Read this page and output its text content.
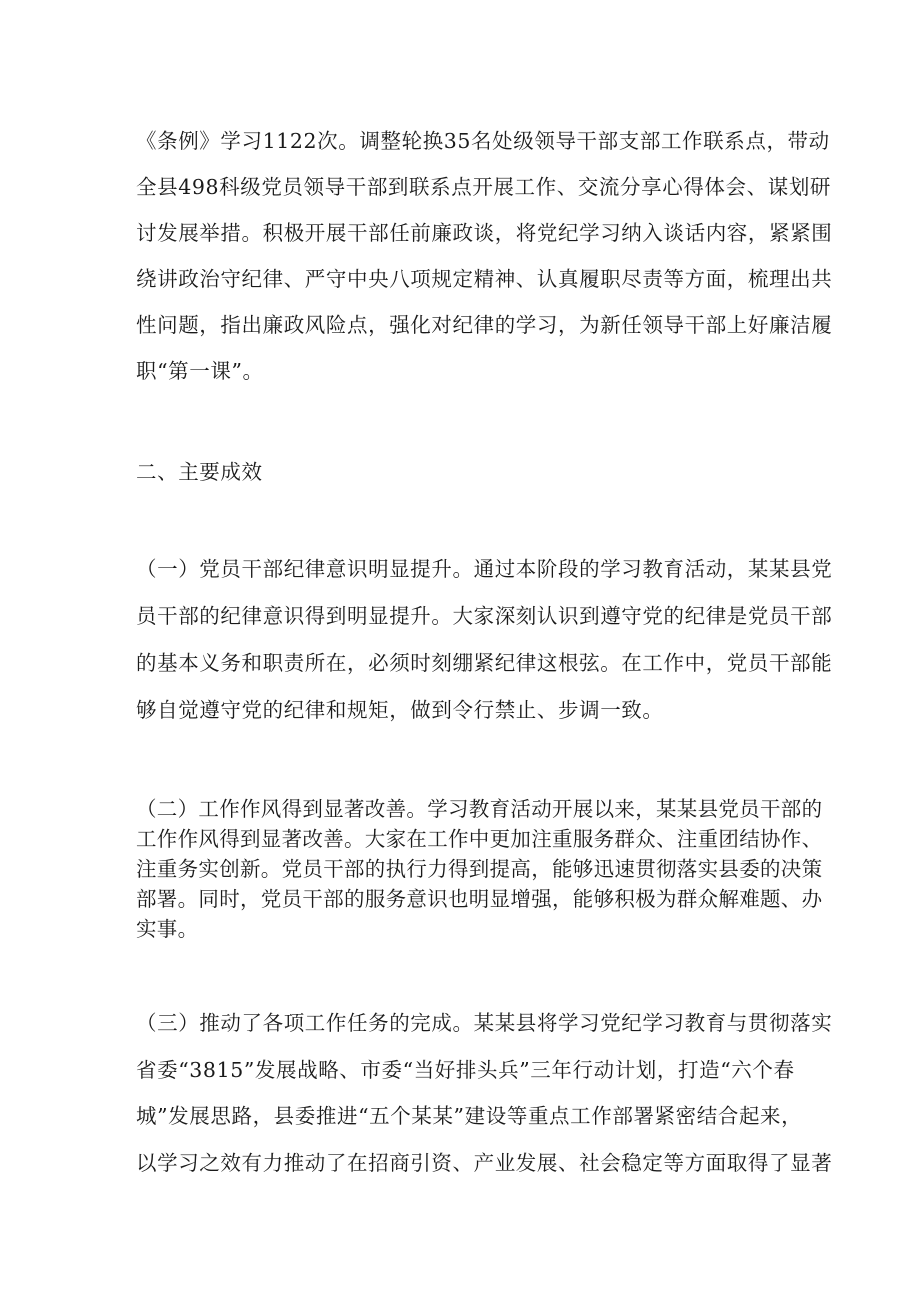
《条例》学习1122次。调整轮换35名处级领导干部支部工作联系点，带动
全县498科级党员领导干部到联系点开展工作、交流分享心得体会、谋划研
讨发展举措。积极开展干部任前廉政谈，将党纪学习纳入谈话内容，紧紧围
绕讲政治守纪律、严守中央八项规定精神、认真履职尽责等方面，梳理出共
性问题，指出廉政风险点，强化对纪律的学习，为新任领导干部上好廉洁履
职“第一课”。
二、主要成效
（一）党员干部纪律意识明显提升。通过本阶段的学习教育活动，某某县党
员干部的纪律意识得到明显提升。大家深刻认识到遵守党的纪律是党员干部
的基本义务和职责所在，必须时刻绷紧纪律这根弦。在工作中，党员干部能
够自觉遵守党的纪律和规矩，做到令行禁止、步调一致。
（二）工作作风得到显著改善。学习教育活动开展以来，某某县党员干部的
工作作风得到显著改善。大家在工作中更加注重服务群众、注重团结协作、
注重务实创新。党员干部的执行力得到提高，能够迅速贯彻落实县委的决策
部署。同时，党员干部的服务意识也明显增强，能够积极为群众解难题、办
实事。
（三）推动了各项工作任务的完成。某某县将学习党纪学习教育与贯彻落实
省委“3815”发展战略、市委“当好排头兵”三年行动计划，打造“六个春
城”发展思路，县委推进“五个某某”建设等重点工作部署紧密结合起来，
以学习之效有力推动了在招商引资、产业发展、社会稳定等方面取得了显著
